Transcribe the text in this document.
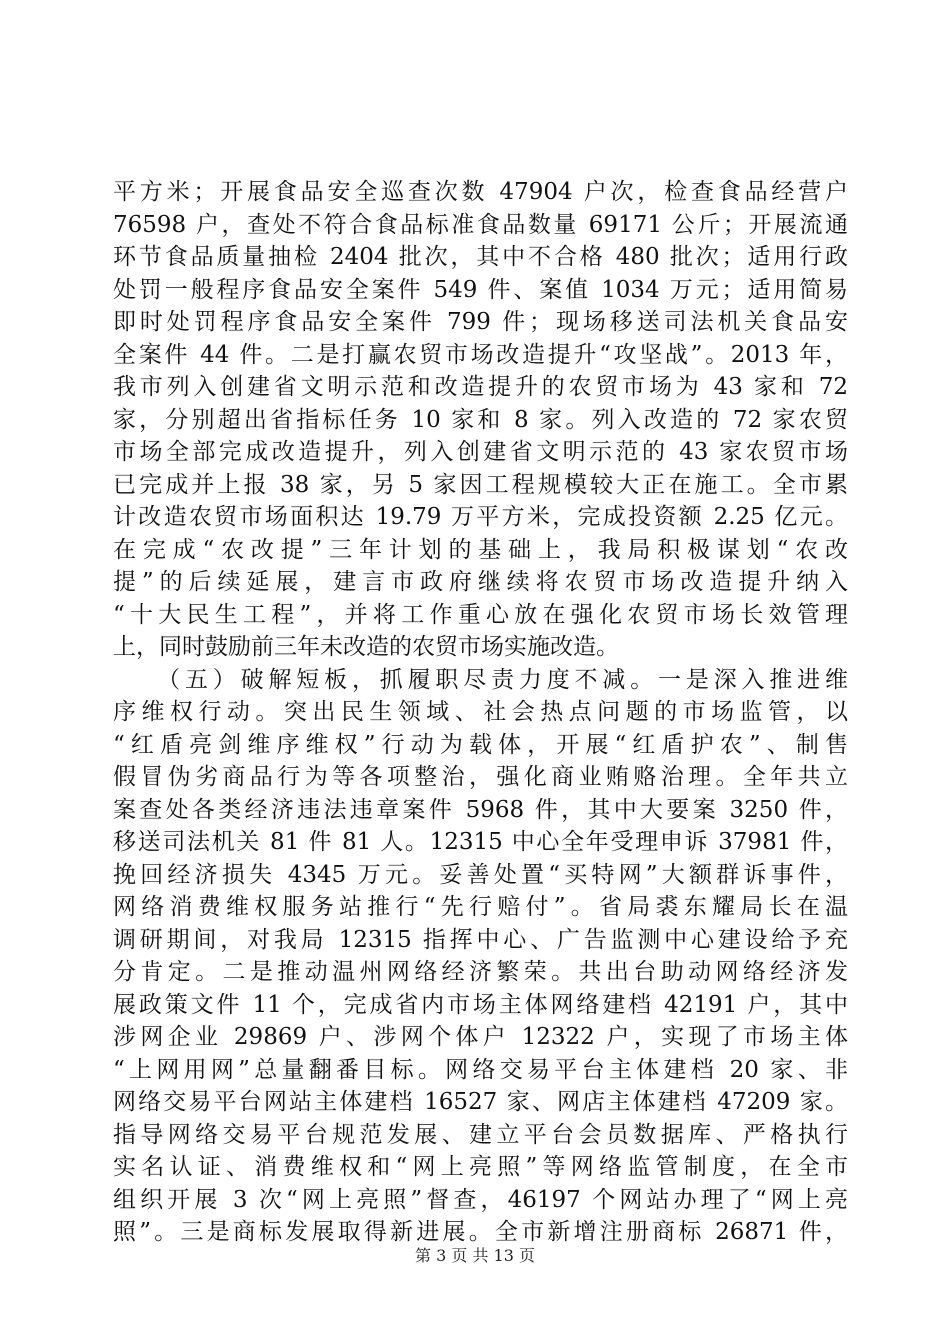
平方米；开展食品安全巡查次数 47904 户次，检查食品经营户
76598 户，查处不符合食品标准食品数量 69171 公斤；开展流通
环节食品质量抽检 2404 批次，其中不合格 480 批次；适用行政
处罚一般程序食品安全案件 549 件、案值 1034 万元；适用简易
即时处罚程序食品安全案件 799 件；现场移送司法机关食品安
全案件 44 件。二是打赢农贸市场改造提升“攻坚战”。2013 年，
我市列入创建省文明示范和改造提升的农贸市场为 43 家和 72
家，分别超出省指标任务 10 家和 8 家。列入改造的 72 家农贸
市场全部完成改造提升，列入创建省文明示范的 43 家农贸市场
已完成并上报 38 家，另 5 家因工程规模较大正在施工。全市累
计改造农贸市场面积达 19.79 万平方米，完成投资额 2.25 亿元。
在完成“农改提”三年计划的基础上，我局积极谋划“农改
提”的后续延展，建言市政府继续将农贸市场改造提升纳入
“十大民生工程”，并将工作重心放在强化农贸市场长效管理
上，同时鼓励前三年未改造的农贸市场实施改造。
　　（五）破解短板，抓履职尽责力度不减。一是深入推进维
序维权行动。突出民生领域、社会热点问题的市场监管，以
“红盾亮剑维序维权”行动为载体，开展“红盾护农”、制售
假冒伪劣商品行为等各项整治，强化商业贿赂治理。全年共立
案查处各类经济违法违章案件 5968 件，其中大要案 3250 件，
移送司法机关 81 件 81 人。12315 中心全年受理申诉 37981 件，
挽回经济损失 4345 万元。妥善处置“买特网”大额群诉事件，
网络消费维权服务站推行“先行赔付”。省局裘东耀局长在温
调研期间，对我局 12315 指挥中心、广告监测中心建设给予充
分肯定。二是推动温州网络经济繁荣。共出台助动网络经济发
展政策文件 11 个，完成省内市场主体网络建档 42191 户，其中
涉网企业 29869 户、涉网个体户 12322 户，实现了市场主体
“上网用网”总量翻番目标。网络交易平台主体建档 20 家、非
网络交易平台网站主体建档 16527 家、网店主体建档 47209 家。
指导网络交易平台规范发展、建立平台会员数据库、严格执行
实名认证、消费维权和“网上亮照”等网络监管制度，在全市
组织开展 3 次“网上亮照”督查，46197 个网站办理了“网上亮
照”。三是商标发展取得新进展。全市新增注册商标 26871 件，
第 3 页 共 13 页
